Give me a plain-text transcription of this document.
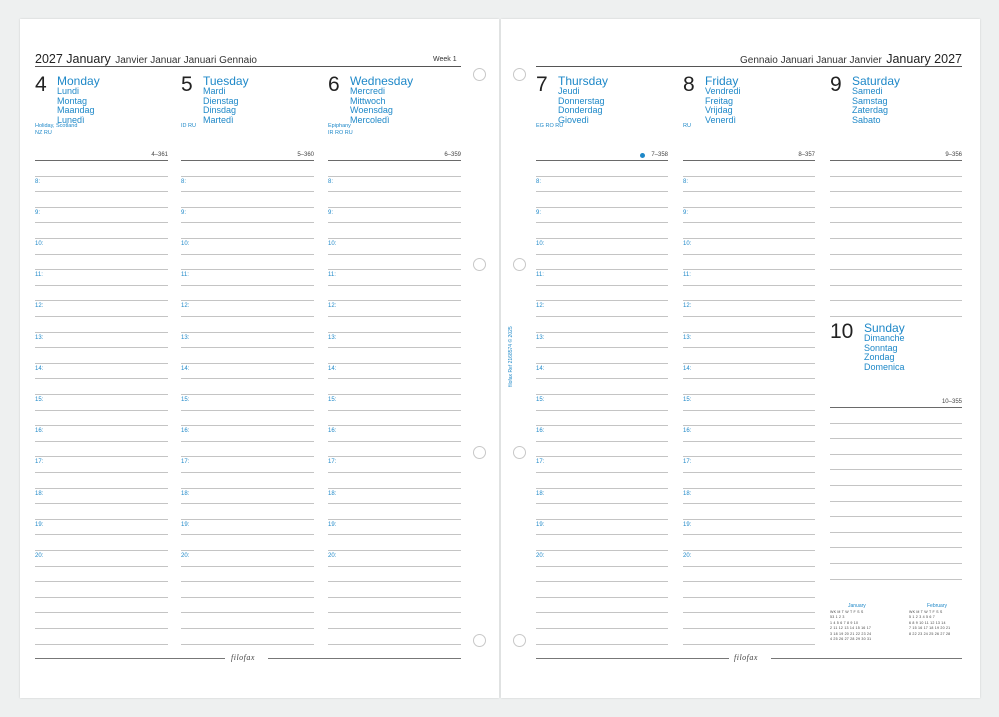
2027 January Janvier Januar Januari Gennaio	Week 1
4 Monday
Lundi
Montag
Maandag
Lunedì
Holiday, Scotland
NZ RU
4–361
8:
9:
10:
11:
12:
13:
14:
15:
16:
17:
18:
19:
20:
5 Tuesday
Mardi
Dienstag
Dinsdag
Martedì
ID RU
5–360
8:
9:
10:
11:
12:
13:
14:
15:
16:
17:
18:
19:
20:
6 Wednesday
Mercredi
Mittwoch
Woensdag
Mercoledì
Epiphany
IR RO RU
6–359
8:
9:
10:
11:
12:
13:
14:
15:
16:
17:
18:
19:
20:
filofax
Gennaio Januari Januar Janvier January 2027
filofax Ref 2168574 © 2025
7 Thursday
Jeudi
Donnerstag
Donderdag
Giovedì
EG RO RU
7–358
8 Friday
Vendredi
Freitag
Vrijdag
Venerdì
RU
8–357
9 Saturday
Samedi
Samstag
Zaterdag
Sabato
9–356
8:
9:
10:
11:
12:
13:
14:
15:
16:
17:
18:
19:
20:
8:
9:
10:
11:
12:
13:
14:
15:
16:
17:
18:
19:
20:
10 Sunday
Dimanche
Sonntag
Zondag
Domenica
10–355
filofax
January
WK M T W T F S S
53 1 2 3
1 4 5 6 7 8 9 10
2 11 12 13 14 15 16 17
3 18 19 20 21 22 23 24
4 25 26 27 28 29 30 31
February
WK M T W T F S S
5 1 2 3 4 5 6 7
6 8 9 10 11 12 13 14
7 15 16 17 18 19 20 21
8 22 23 24 25 26 27 28
